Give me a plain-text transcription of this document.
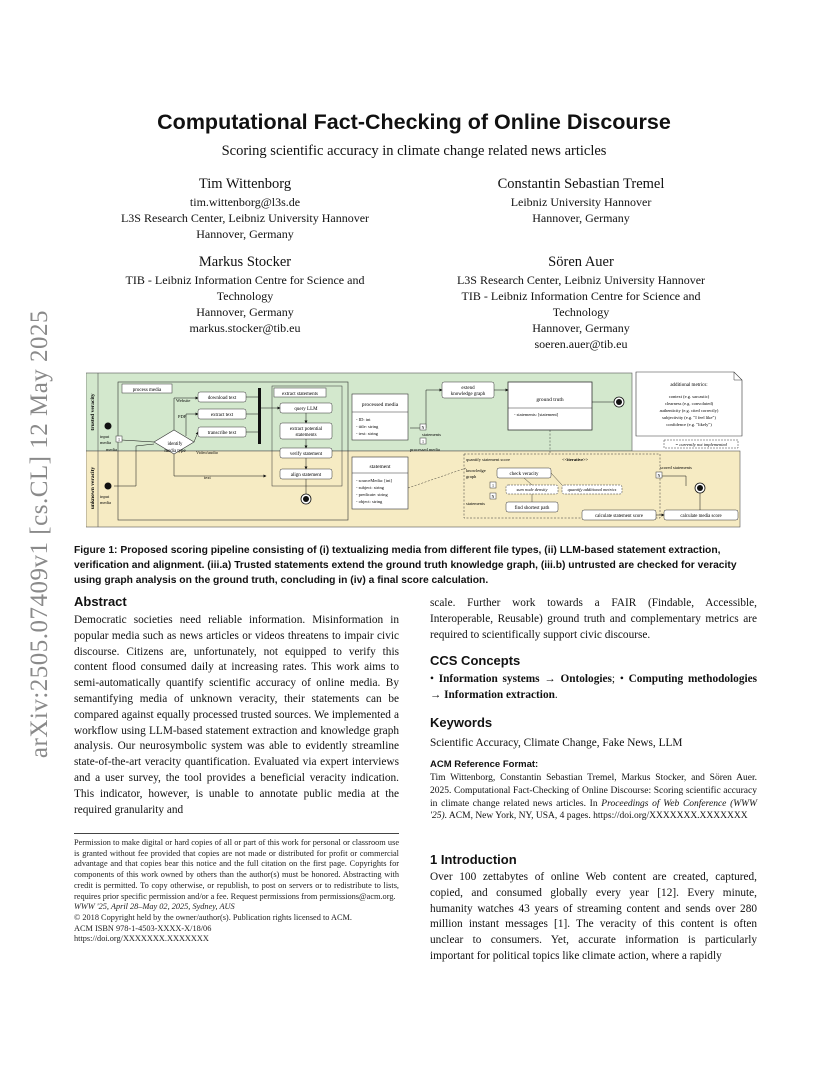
arXiv:2505.07409v1 [cs.CL] 12 May 2025
Computational Fact-Checking of Online Discourse
Scoring scientific accuracy in climate change related news articles
Tim Wittenborg
tim.wittenborg@l3s.de
L3S Research Center, Leibniz University Hannover
Hannover, Germany
Constantin Sebastian Tremel
Leibniz University Hannover
Hannover, Germany
Markus Stocker
TIB - Leibniz Information Centre for Science and
Technology
Hannover, Germany
markus.stocker@tib.eu
Sören Auer
L3S Research Center, Leibniz University Hannover
TIB - Leibniz Information Centre for Science and
Technology
Hannover, Germany
soeren.auer@tib.eu
trusted veracity
unknown veracity
process media
input
media
input
media
1
media
identify
media type
Website
PDF
Video/audio
text
download text
extract text
transcribe text
extract statements
query LLM
extract potential
statements
verify statement
align statement
processed media
- ID: int
- title: string
- text: string
statement
- sourceMedia: [int]
- subject: string
- predicate: string
- object: string
extend
knowledge graph
N
statements
1
processed media
ground truth
- statements: [statement]
quantify statement score	<<iterative>>
knowledge
graph	check veracity
sum node density	quantify additional metrics
find shortest path
1
N
statements
calculate statement score	calculate media score
N
scored statements
= currently not implemented
additional metrics:
context (e.g. sarcastic)
clearness (e.g. convoluted)
authenticity (e.g. cited correctly)
subjectivity (e.g. "I feel like")
confidence (e.g. "likely")
Figure 1: Proposed scoring pipeline consisting of (i) textualizing media from different file types, (ii) LLM-based statement extraction, verification and alignment. (iii.a) Trusted statements extend the ground truth knowledge graph, (iii.b) untrusted are checked for veracity using graph analysis on the ground truth, concluding in (iv) a final score calculation.
Abstract
Democratic societies need reliable information. Misinformation in popular media such as news articles or videos threatens to impair civic discourse. Citizens are, unfortunately, not equipped to verify this content flood consumed daily at increasing rates. This work aims to semi-automatically quantify scientific accuracy of online media. By semantifying media of unknown veracity, their statements can be compared against equally processed trusted sources. We implemented a workflow using LLM-based statement extraction and knowledge graph analysis. Our neurosymbolic system was able to evidently streamline state-of-the-art veracity quantification. Evaluated via expert interviews and a user survey, the tool provides a beneficial veracity indication. This indicator, however, is unable to annotate public media at the required granularity and
Permission to make digital or hard copies of all or part of this work for personal or classroom use is granted without fee provided that copies are not made or distributed for profit or commercial advantage and that copies bear this notice and the full citation on the first page. Copyrights for components of this work owned by others than the author(s) must be honored. Abstracting with credit is permitted. To copy otherwise, or republish, to post on servers or to redistribute to lists, requires prior specific permission and/or a fee. Request permissions from permissions@acm.org.
WWW '25, April 28–May 02, 2025, Sydney, AUS
© 2018 Copyright held by the owner/author(s). Publication rights licensed to ACM.
ACM ISBN 978-1-4503-XXXX-X/18/06
https://doi.org/XXXXXXX.XXXXXXX
scale. Further work towards a FAIR (Findable, Accessible, Interoperable, Reusable) ground truth and complementary metrics are required to scientifically support civic discourse.
CCS Concepts
• Information systems → Ontologies; • Computing methodologies → Information extraction.
Keywords
Scientific Accuracy, Climate Change, Fake News, LLM
ACM Reference Format:
Tim Wittenborg, Constantin Sebastian Tremel, Markus Stocker, and Sören Auer. 2025. Computational Fact-Checking of Online Discourse: Scoring scientific accuracy in climate change related news articles. In Proceedings of Web Conference (WWW '25). ACM, New York, NY, USA, 4 pages. https://doi.org/XXXXXXX.XXXXXXX
1 Introduction
Over 100 zettabytes of online Web content are created, captured, copied, and consumed globally every year [12]. Every minute, humanity watches 43 years of streaming content and sends over 280 million instant messages [1]. The veracity of this content is often unclear to consumers. Yet, accurate information is particularly important for political topics like climate action, where a rapidly
